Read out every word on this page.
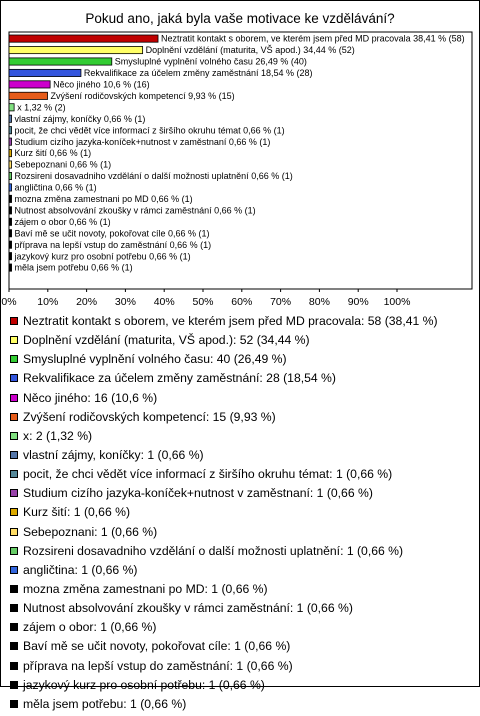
Pokud ano, jaká byla vaše motivace ke vzdělávání?
Neztratit kontakt s oborem, ve kterém jsem před MD pracovala 38,41 % (58)
Doplnění vzdělání (maturita, VŠ apod.) 34,44 % (52)
Smysluplné vyplnění volného času 26,49 % (40)
Rekvalifikace za účelem změny zaměstnání 18,54 % (28)
Něco jiného 10,6 % (16)
Zvýšení rodičovských kompetencí 9,93 % (15)
x 1,32 % (2)
vlastní zájmy, koníčky 0,66 % (1)
pocit, že chci vědět více informací z širšího okruhu témat 0,66 % (1)
Studium cizího jazyka-koníček+nutnost v zaměstnaní 0,66 % (1)
Kurz šití 0,66 % (1)
Sebepoznani 0,66 % (1)
Rozsireni dosavadniho vzdělání o další možnosti uplatnění 0,66 % (1)
angličtina 0,66 % (1)
mozna změna zamestnani po MD 0,66 % (1)
Nutnost absolvování zkoušky v rámci zaměstnání 0,66 % (1)
zájem o obor 0,66 % (1)
Baví mě se učit novoty, pokořovat cíle 0,66 % (1)
příprava na lepší vstup do zaměstnání 0,66 % (1)
jazykový kurz pro osobní potřebu 0,66 % (1)
měla jsem potřebu 0,66 % (1)
0% 10% 20% 30% 40% 50% 60% 70% 80% 90% 100%
Neztratit kontakt s oborem, ve kterém jsem před MD pracovala: 58 (38,41 %)
Doplnění vzdělání (maturita, VŠ apod.): 52 (34,44 %)
Smysluplné vyplnění volného času: 40 (26,49 %)
Rekvalifikace za účelem změny zaměstnání: 28 (18,54 %)
Něco jiného: 16 (10,6 %)
Zvýšení rodičovských kompetencí: 15 (9,93 %)
x: 2 (1,32 %)
vlastní zájmy, koníčky: 1 (0,66 %)
pocit, že chci vědět více informací z širšího okruhu témat: 1 (0,66 %)
Studium cizího jazyka-koníček+nutnost v zaměstnaní: 1 (0,66 %)
Kurz šití: 1 (0,66 %)
Sebepoznani: 1 (0,66 %)
Rozsireni dosavadniho vzdělání o další možnosti uplatnění: 1 (0,66 %)
angličtina: 1 (0,66 %)
mozna změna zamestnani po MD: 1 (0,66 %)
Nutnost absolvování zkoušky v rámci zaměstnání: 1 (0,66 %)
zájem o obor: 1 (0,66 %)
Baví mě se učit novoty, pokořovat cíle: 1 (0,66 %)
příprava na lepší vstup do zaměstnání: 1 (0,66 %)
jazykový kurz pro osobní potřebu: 1 (0,66 %)
měla jsem potřebu: 1 (0,66 %)
